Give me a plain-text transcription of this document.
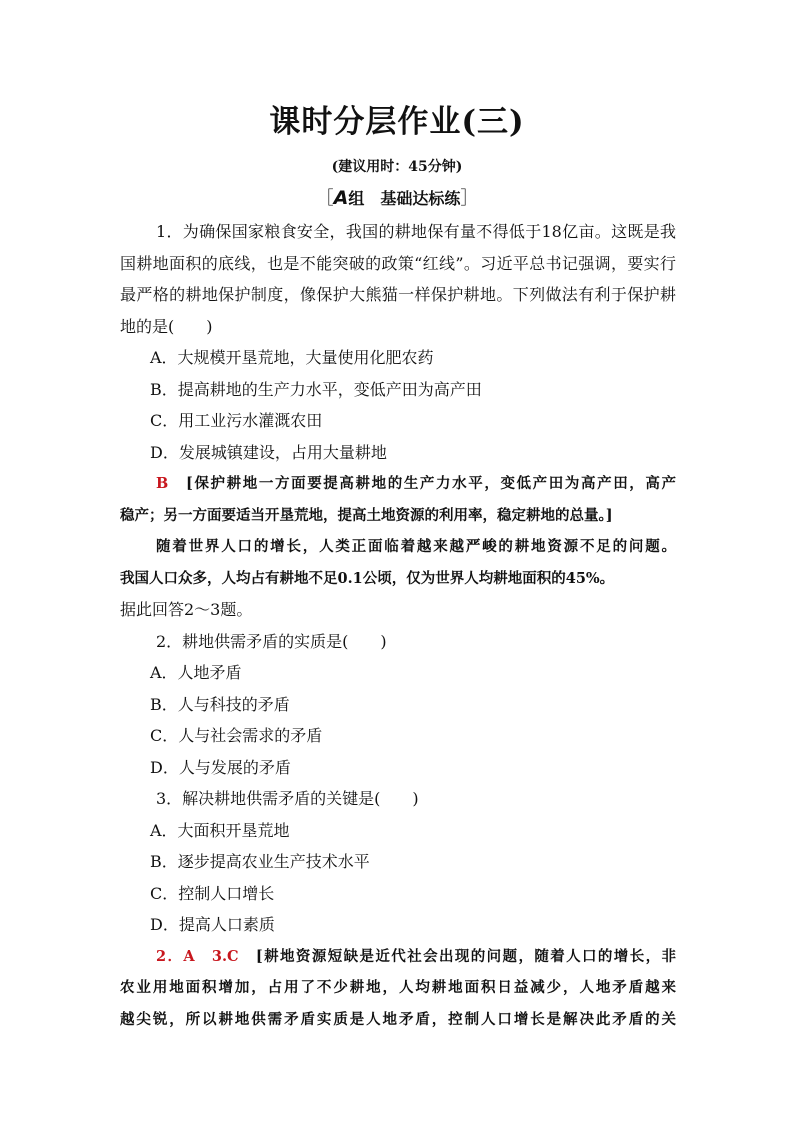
课时分层作业(三)
(建议用时：45分钟)
［A组　基础达标练］

1．为确保国家粮食安全，我国的耕地保有量不得低于18亿亩。这既是我

国耕地面积的底线，也是不能突破的政策“红线”。习近平总书记强调，要实行

最严格的耕地保护制度，像保护大熊猫一样保护耕地。下列做法有利于保护耕

地的是(　　)

A．大规模开垦荒地，大量使用化肥农药

B．提高耕地的生产力水平，变低产田为高产田

C．用工业污水灌溉农田

D．发展城镇建设，占用大量耕地

B　 [保护耕地一方面要提高耕地的生产力水平，变低产田为高产田，高产

稳产；另一方面要适当开垦荒地，提高土地资源的利用率，稳定耕地的总量。]

随着世界人口的增长，人类正面临着越来越严峻的耕地资源不足的问题。

我国人口众多，人均占有耕地不足0.1公顷，仅为世界人均耕地面积的45%。

据此回答2～3题。

2．耕地供需矛盾的实质是(　　)

A．人地矛盾

B．人与科技的矛盾

C．人与社会需求的矛盾

D．人与发展的矛盾

3．解决耕地供需矛盾的关键是(　　)

A．大面积开垦荒地

B．逐步提高农业生产技术水平

C．控制人口增长

D．提高人口素质

2．A　3.C　 [耕地资源短缺是近代社会出现的问题，随着人口的增长，非

农业用地面积增加，占用了不少耕地，人均耕地面积日益减少，人地矛盾越来

越尖锐，所以耕地供需矛盾实质是人地矛盾，控制人口增长是解决此矛盾的关
